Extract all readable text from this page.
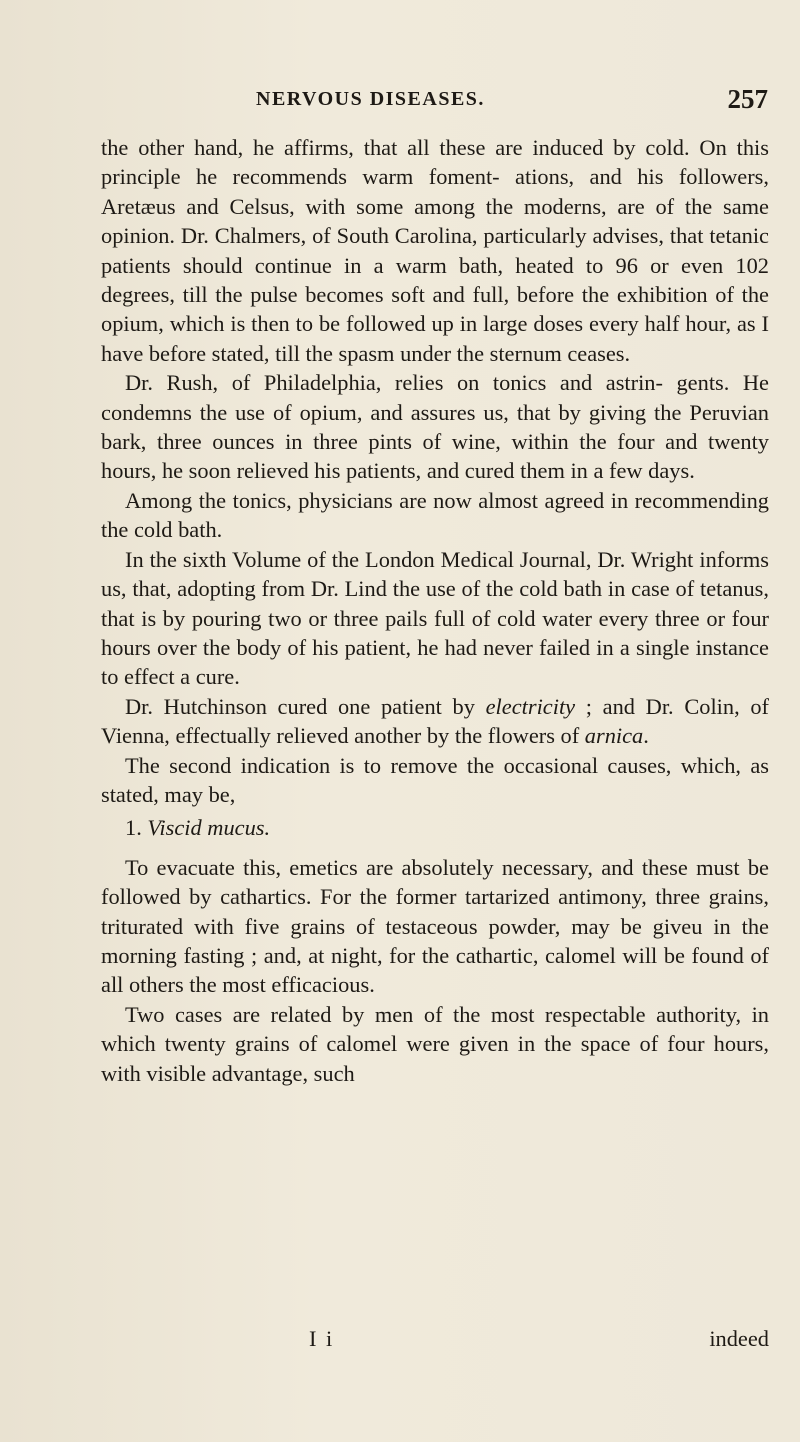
NERVOUS DISEASES.	257

the other hand, he affirms, that all these are induced by cold. On this principle he recommends warm foment- ations, and his followers, Aretæus and Celsus, with some among the moderns, are of the same opinion. Dr. Chalmers, of South Carolina, particularly advises, that tetanic patients should continue in a warm bath, heated to 96 or even 102 degrees, till the pulse becomes soft and full, before the exhibition of the opium, which is then to be followed up in large doses every half hour, as I have before stated, till the spasm under the sternum ceases.

Dr. Rush, of Philadelphia, relies on tonics and astrin- gents. He condemns the use of opium, and assures us, that by giving the Peruvian bark, three ounces in three pints of wine, within the four and twenty hours, he soon relieved his patients, and cured them in a few days.

Among the tonics, physicians are now almost agreed in recommending the cold bath.

In the sixth Volume of the London Medical Journal, Dr. Wright informs us, that, adopting from Dr. Lind the use of the cold bath in case of tetanus, that is by pouring two or three pails full of cold water every three or four hours over the body of his patient, he had never failed in a single instance to effect a cure.

Dr. Hutchinson cured one patient by electricity ; and Dr. Colin, of Vienna, effectually relieved another by the flowers of arnica.

The second indication is to remove the occasional causes, which, as stated, may be,

1. Viscid mucus.

To evacuate this, emetics are absolutely necessary, and these must be followed by cathartics. For the former tartarized antimony, three grains, triturated with five grains of testaceous powder, may be giveu in the morning fasting ; and, at night, for the cathartic, calomel will be found of all others the most efficacious.

Two cases are related by men of the most respectable authority, in which twenty grains of calomel were given in the space of four hours, with visible advantage, such

I i	indeed
